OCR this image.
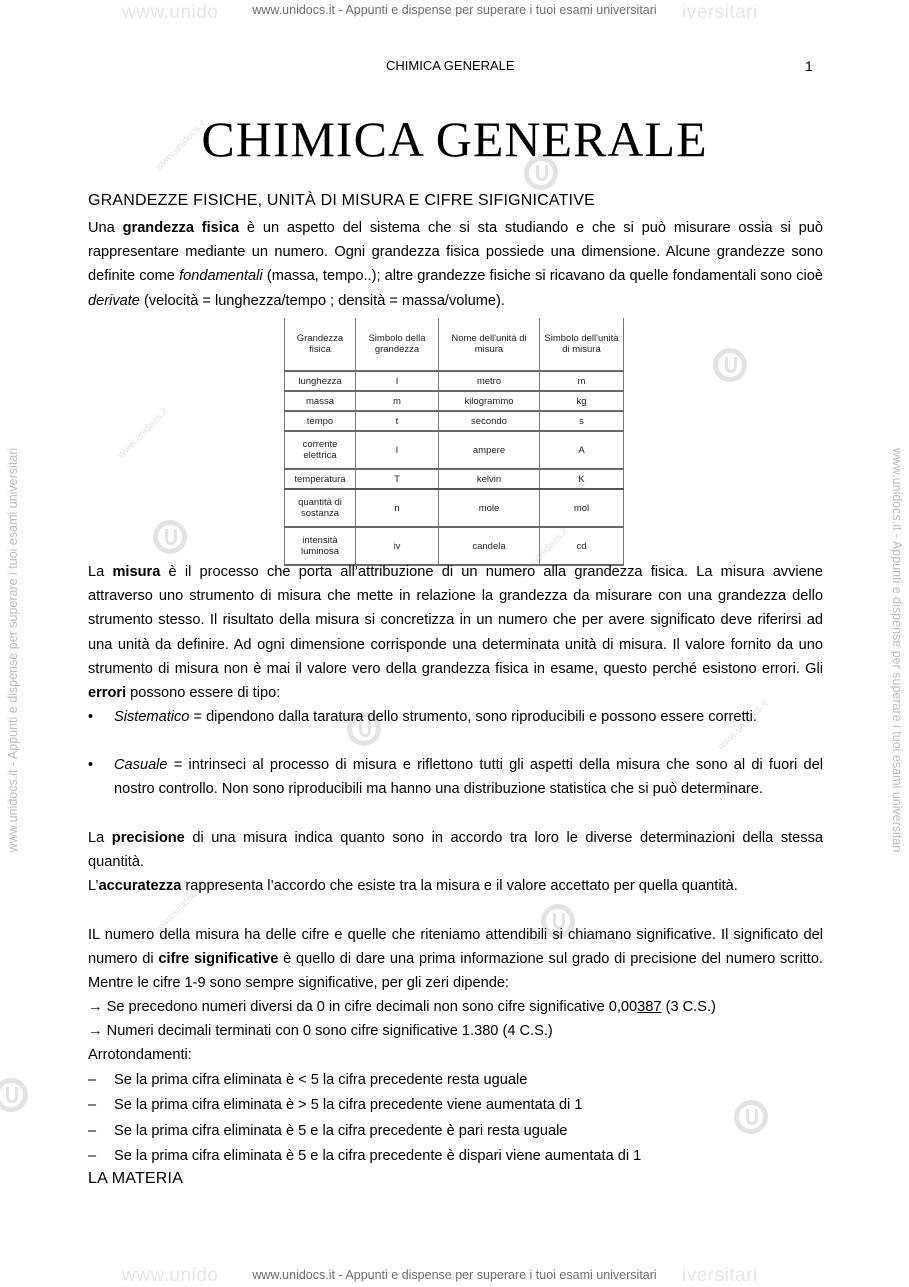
www.unido	iversitari
www.unidocs.it - Appunti e dispense per superare i tuoi esami universitari
www.unido	iversitari
www.unidocs.it - Appunti e dispense per superare i tuoi esami universitari
www.unidocs.it - Appunti e dispense per superare i tuoi esami universitari	www.unidocs.it - Appunti e dispense per superare i tuoi esami universitari
www.unidocs.it
www.unidocs.it
www.unidocs.it
www.unidocs.it
www.unidocs.it
CHIMICA GENERALE	1
CHIMICA GENERALE
GRANDEZZE FISICHE, UNITÀ DI MISURA E CIFRE SIFIGNICATIVE
Una grandezza fisica è un aspetto del sistema che si sta studiando e che si può misurare ossia si può rappresentare mediante un numero. Ogni grandezza fisica possiede una dimensione. Alcune grandezze sono definite come fondamentali (massa, tempo..); altre grandezze fisiche si ricavano da quelle fondamentali sono cioè derivate (velocità = lunghezza/tempo ; densità = massa/volume).
Grandezza fisica	Simbolo della grandezza	Nome dell'unità di misura	Simbolo dell'unità di misura
lunghezza	l	metro	m
massa	m	kilogrammo	kg
tempo	t	secondo	s
corrente elettrica	I	ampere	A
temperatura	T	kelvin	K
quantità di sostanza	n	mole	mol
intensità luminosa	iv	candela	cd
La misura è il processo che porta all’attribuzione di un numero alla grandezza fisica. La misura avviene attraverso uno strumento di misura che mette in relazione la grandezza da misurare con una grandezza dello strumento stesso. Il risultato della misura si concretizza in un numero che per avere significato deve riferirsi ad una unità da definire. Ad ogni dimensione corrisponde una determinata unità di misura. Il valore fornito da uno strumento di misura non è mai il valore vero della grandezza fisica in esame, questo perché esistono errori. Gli errori possono essere di tipo:
• Sistematico = dipendono dalla taratura dello strumento, sono riproducibili e possono essere corretti.
• Casuale = intrinseci al processo di misura e riflettono tutti gli aspetti della misura che sono al di fuori del nostro controllo. Non sono riproducibili ma hanno una distribuzione statistica che si può determinare.
La precisione di una misura indica quanto sono in accordo tra loro le diverse determinazioni della stessa quantità.
L’accuratezza rappresenta l’accordo che esiste tra la misura e il valore accettato per quella quantità.
IL numero della misura ha delle cifre e quelle che riteniamo attendibili si chiamano significative. Il significato del numero di cifre significative è quello di dare una prima informazione sul grado di precisione del numero scritto. Mentre le cifre 1-9 sono sempre significative, per gli zeri dipende:
→ Se precedono numeri diversi da 0 in cifre decimali non sono cifre significative 0,00387 (3 C.S.)
→ Numeri decimali terminati con 0 sono cifre significative 1.380 (4 C.S.)
Arrotondamenti:
– Se la prima cifra eliminata è < 5 la cifra precedente resta uguale
– Se la prima cifra eliminata è > 5 la cifra precedente viene aumentata di 1
– Se la prima cifra eliminata è 5 e la cifra precedente è pari resta uguale
– Se la prima cifra eliminata è 5 e la cifra precedente è dispari viene aumentata di 1
LA MATERIA
